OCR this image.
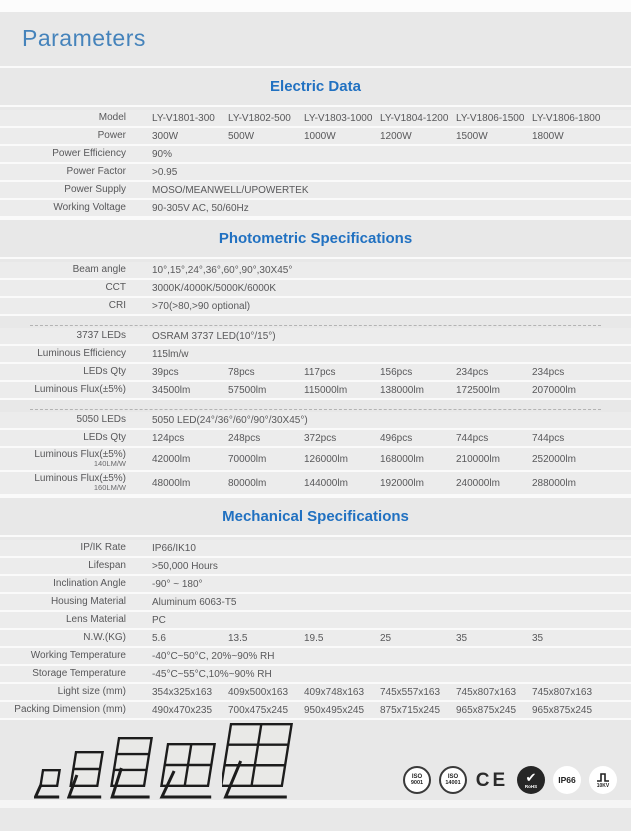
Parameters
Electric Data
Model	LY-V1801-300	LY-V1802-500	LY-V1803-1000 LY-V1804-1200 LY-V1806-1500 LY-V1806-1800
Power	300W	500W	1000W	1200W	1500W	1800W
Power Efficiency	90%
Power Factor	>0.95
Power Supply	MOSO/MEANWELL/UPOWERTEK
Working Voltage	90-305V AC, 50/60Hz
Photometric Specifications
Beam angle	10°,15°,24°,36°,60°,90°,30X45°
CCT	3000K/4000K/5000K/6000K
CRI	>70(>80,>90 optional)
3737 LEDs	OSRAM 3737 LED(10°/15°)
Luminous Efficiency	115lm/w
LEDs Qty	39pcs	78pcs	117pcs	156pcs	234pcs	234pcs
Luminous Flux(±5%)	34500lm	57500lm	115000lm	138000lm	172500lm	207000lm
5050 LEDs	5050 LED(24°/36°/60°/90°/30X45°)
LEDs Qty	124pcs	248pcs	372pcs	496pcs	744pcs	744pcs
Luminous Flux(±5%)
140LM/W	42000lm	70000lm	126000lm	168000lm	210000lm	252000lm
Luminous Flux(±5%)
160LM/W	48000lm	80000lm	144000lm	192000lm	240000lm	288000lm
Mechanical Specifications
IP/IK Rate	IP66/IK10
Lifespan	>50,000 Hours
Inclination Angle	-90° ~ 180°
Housing Material	Aluminum 6063-T5
Lens Material	PC
N.W.(KG)	5.6	13.5	19.5	25	35	35
Working Temperature	-40°C~50°C, 20%~90% RH
Storage Temperature	-45°C~55°C,10%~90% RH
Light size (mm)	354x325x163	409x500x163	409x748x163	745x557x163	745x807x163	745x807x163
Packing Dimension (mm)	490x470x235	700x475x245	950x495x245	875x715x245	965x875x245	965x875x245
ISO
9001
ISO
14001 CE ✔
RoHS
IP66
10KV
